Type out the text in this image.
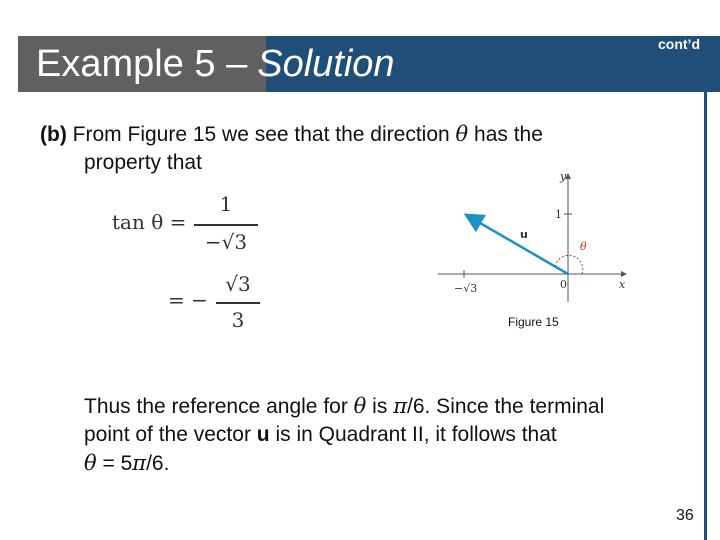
Example 5 – Solution	cont’d
(b) From Figure 15 we see that the direction θ has the
property that
tan θ =
1
−√3
= −
√3
3
y
x
1
−√3	0
u
θ
Figure 15
Thus the reference angle for θ is π/6. Since the terminal
point of the vector u is in Quadrant II, it follows that
θ = 5π/6.
36
